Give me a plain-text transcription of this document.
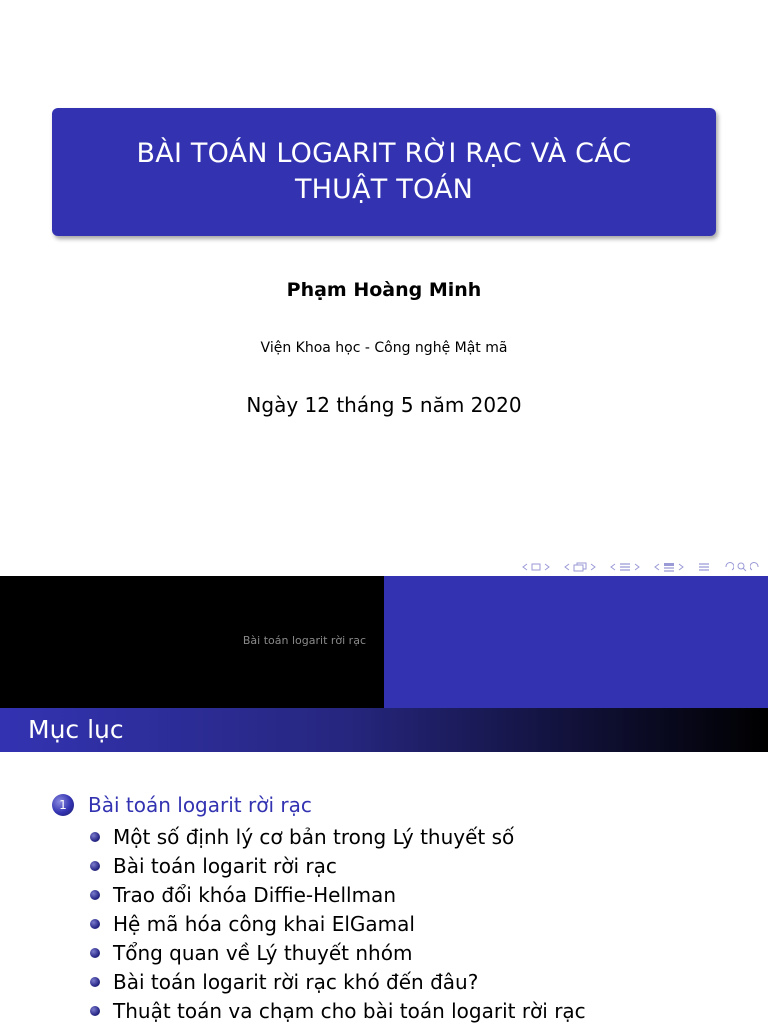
BÀI TOÁN LOGARIT RỜI RẠC VÀ CÁC
THUẬT TOÁN
Phạm Hoàng Minh
Viện Khoa học - Công nghệ Mật mã
Ngày 12 tháng 5 năm 2020
Bài toán logarit rời rạc
Mục lục
1	Bài toán logarit rời rạc
Một số định lý cơ bản trong Lý thuyết số
Bài toán logarit rời rạc
Trao đổi khóa Diffie-Hellman
Hệ mã hóa công khai ElGamal
Tổng quan về Lý thuyết nhóm
Bài toán logarit rời rạc khó đến đâu?
Thuật toán va chạm cho bài toán logarit rời rạc
